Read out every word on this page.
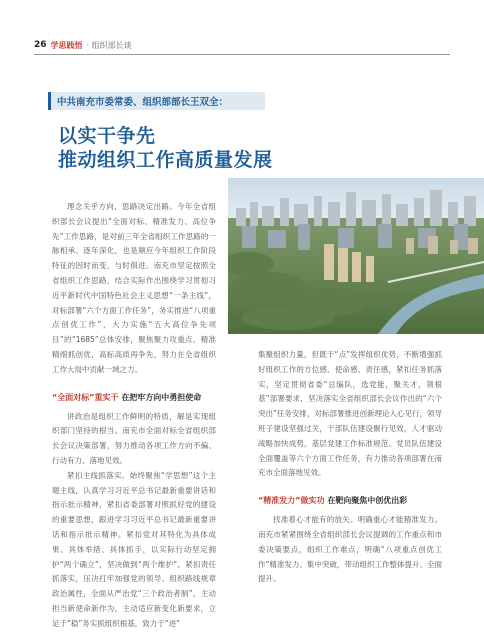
26 学思践悟 · 组织部长谈
中共南充市委常委、组织部部长王双全：
以实干争先
推动组织工作高质量发展

理念关乎方向，思路决定出路。今年全省组织部长会议提出“全面对标、精准发力、高位争先”工作思路，是对前三年全省组织工作思路的一脉相承、逐年深化，也是顺应今年组织工作阶段特征的因时而变、与时俱进。南充市坚定按照全省组织工作思路，结合实际作出围绕学习贯彻习近平新时代中国特色社会主义思想“一条主线”，对标部署“六个方面工作任务”，务实推进“八项重点创优工作”，大力实施“五大高位争先项目”的“1685”总体安排，聚焦聚力攻重点、精准精细抓创优，高标高质再争先，努力在全省组织工作大局中贡献一域之力。

“全面对标”重实干 在把牢方向中勇担使命

讲政治是组织工作鲜明的特质，解是实现组织部门坚持的根当。南充市全面对标全省组织部长会议决策部署，努力推动各项工作方向不偏、行动有力、落地见效。

紧扣主线抓落实。始终聚焦“学思想”这个主题主线，认真学习习近平总书记最新重要讲话和指示批示精神，紧扣省委部署对照抓好党的建设的重要思想，跟进学习习近平总书记最新重要讲话和指示批示精神。紧扣党对其特化为具体成果、具体举措、具体抓手，以实际行动坚定拥护“两个确立”，坚决做到“两个维护”。紧扣责任抓落实，压决打牢加强党的领导、组织路线规章政治属性，全面从严治党“三个政治者制”，主动担当新使命新作为，主动适应新变化新要求，立足于“稳”务实抓组织根基，致力于“进”

集聚组织力量，但既干“点”发挥组织优势，不断增强抓好组织工作的方位感、使命感、责任感，紧扣任务抓落实，坚定贯彻省委“总编队，选党能，聚关才，领根基”部署要求，坚决落实全省组织部长会议作出的“六个突出”任务安排，对标部署推进创新理论入心见行，领导班子建设坚强过关，干部队伍建设聚行见效，人才驱动战略加快成势，基层党建工作标准规范、党员队伍建设全面覆盖等六个方面工作任务，有力推动各项部署在南充市全面落地见效。

“精准发力”做实功 在靶向聚焦中创优出彩

找准着心才能有的放矢。明确重心才能精准发力。南充市紧紧围绕全省组织部长会议提调的工作重点和市委决策要点，组织工作难点，明确“八项重点创优工作”精准发力、集中突破，带动组织工作整体提升、全面提升。
